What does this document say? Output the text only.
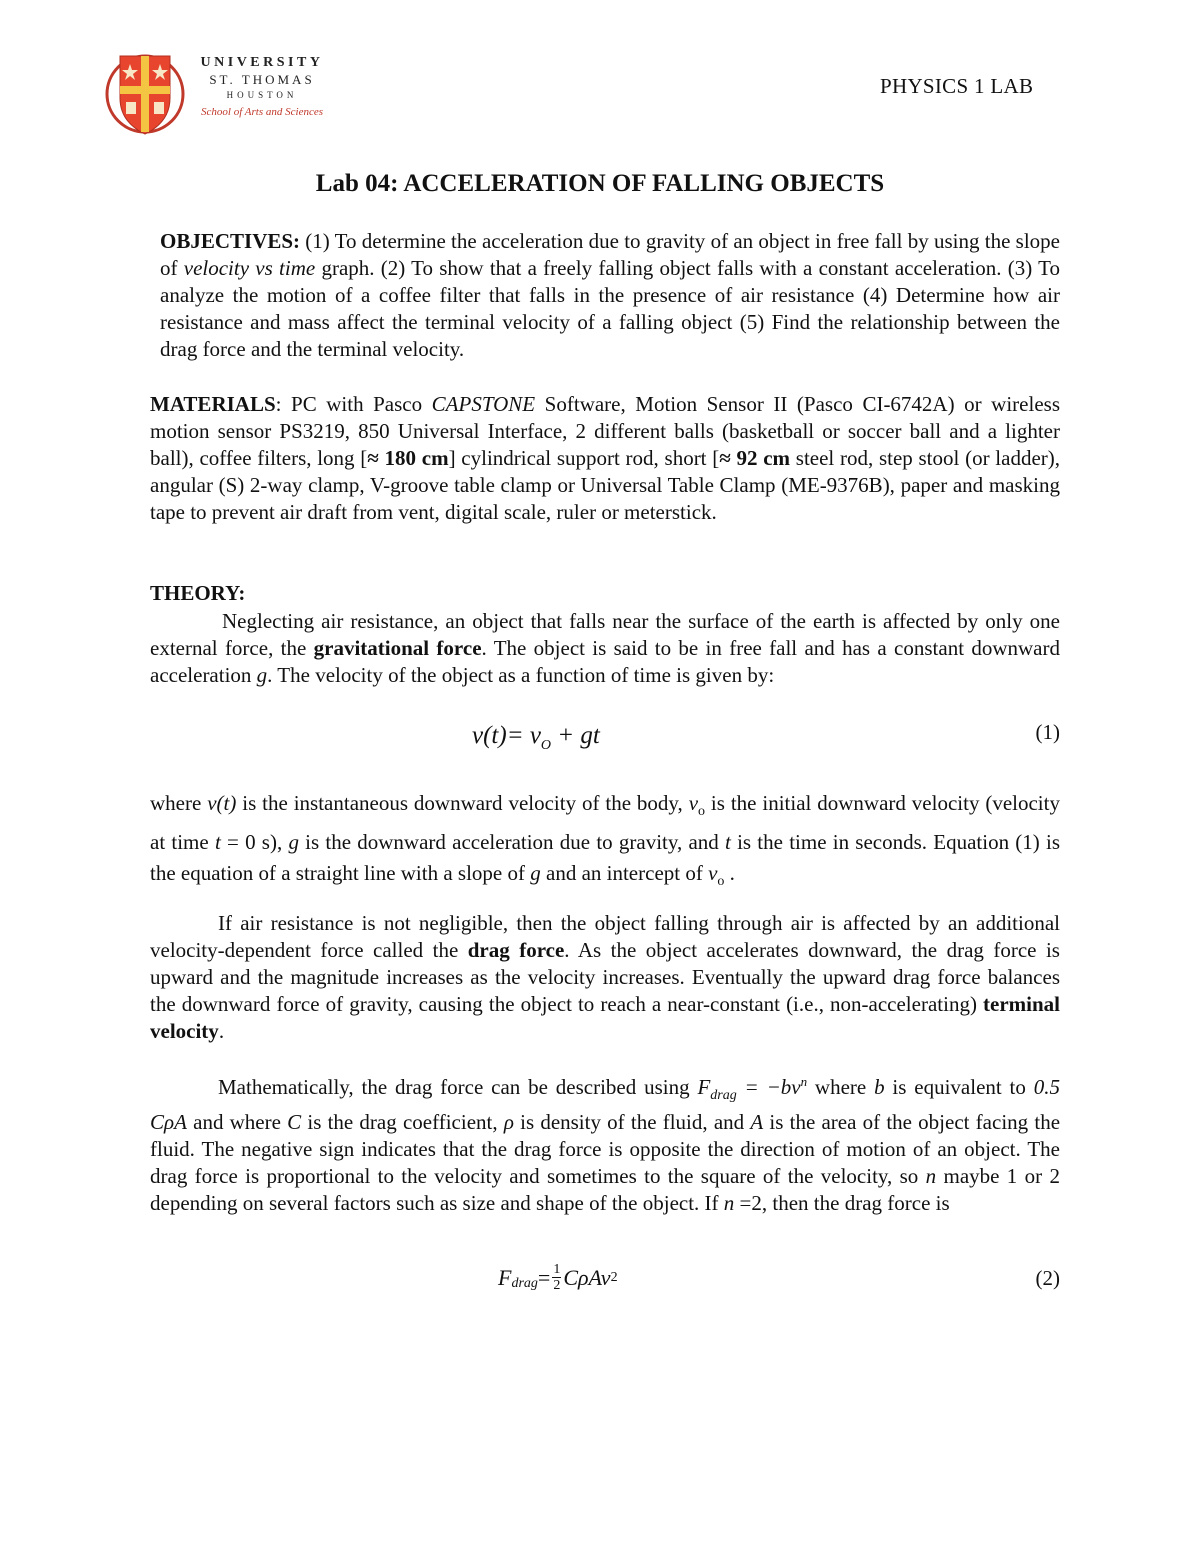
UNIVERSITY
ST. THOMAS
HOUSTON
School of Arts and Sciences
PHYSICS 1 LAB
Lab 04: ACCELERATION OF FALLING OBJECTS
OBJECTIVES: (1) To determine the acceleration due to gravity of an object in free fall by using the slope of velocity vs time graph. (2) To show that a freely falling object falls with a constant acceleration. (3) To analyze the motion of a coffee filter that falls in the presence of air resistance (4) Determine how air resistance and mass affect the terminal velocity of a falling object (5) Find the relationship between the drag force and the terminal velocity.
MATERIALS: PC with Pasco CAPSTONE Software, Motion Sensor II (Pasco CI-6742A) or wireless motion sensor PS3219, 850 Universal Interface, 2 different balls (basketball or soccer ball and a lighter ball), coffee filters, long [≈ 180 cm] cylindrical support rod, short [≈ 92 cm steel rod, step stool (or ladder), angular (S) 2-way clamp, V-groove table clamp or Universal Table Clamp (ME-9376B), paper and masking tape to prevent air draft from vent, digital scale, ruler or meterstick.
THEORY:
Neglecting air resistance, an object that falls near the surface of the earth is affected by only one external force, the gravitational force. The object is said to be in free fall and has a constant downward acceleration g. The velocity of the object as a function of time is given by:
$v(t)= v_O$ + gt	(1)
where v(t) is the instantaneous downward velocity of the body, $v_o$ is the initial downward velocity (velocity at time t = 0 s), g is the downward acceleration due to gravity, and t is the time in seconds. Equation (1) is the equation of a straight line with a slope of g and an intercept of $v_o$ .
If air resistance is not negligible, then the object falling through air is affected by an additional velocity-dependent force called the drag force. As the object accelerates downward, the drag force is upward and the magnitude increases as the velocity increases. Eventually the upward drag force balances the downward force of gravity, causing the object to reach a near-constant (i.e., non-accelerating) terminal velocity.
Mathematically, the drag force can be described using $F_{drag} = -bv^n$ where b is equivalent to 0.5 CρA and where C is the drag coefficient, ρ is density of the fluid, and A is the area of the object facing the fluid. The negative sign indicates that the drag force is opposite the direction of motion of an object. The drag force is proportional to the velocity and sometimes to the square of the velocity, so n maybe 1 or 2 depending on several factors such as size and shape of the object. If n =2, then the drag force is
$F_{drag} = \frac{1}{2}$ CρAv 2	(2)
